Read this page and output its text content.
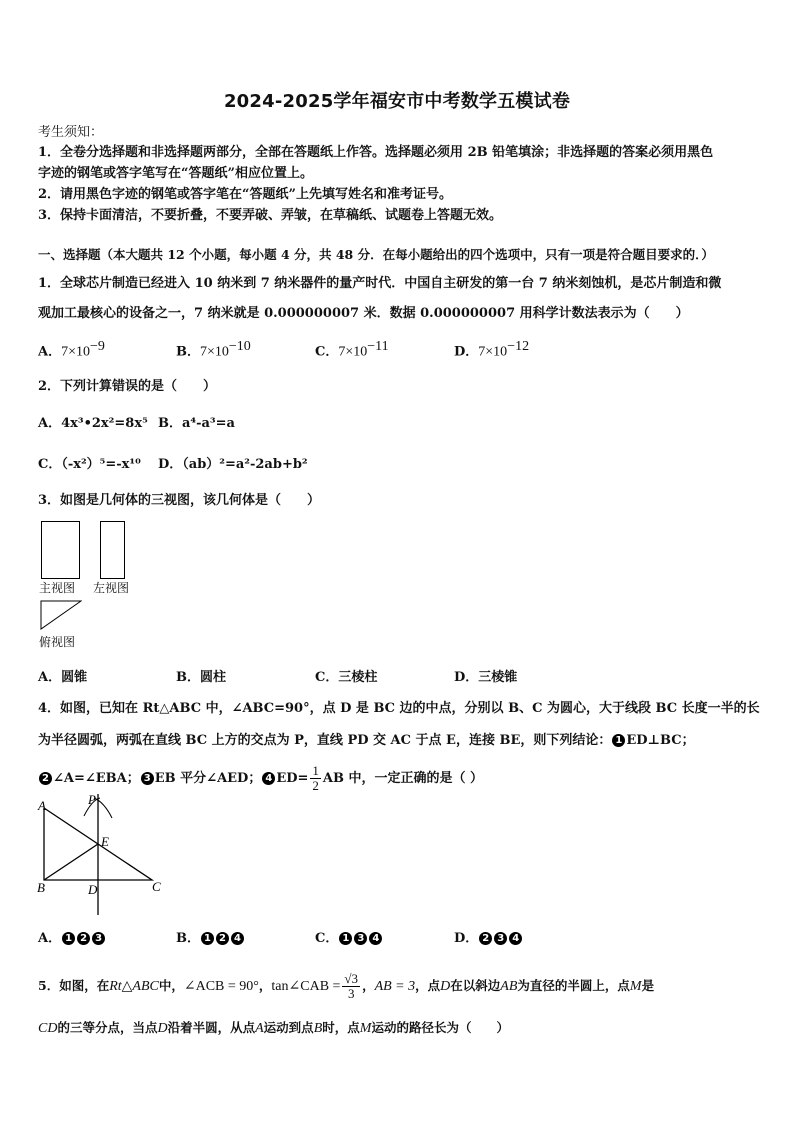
2024-2025学年福安市中考数学五模试卷
考生须知：
1．全卷分选择题和非选择题两部分，全部在答题纸上作答。选择题必须用 2B 铅笔填涂；非选择题的答案必须用黑色
字迹的钢笔或答字笔写在“答题纸”相应位置上。
2．请用黑色字迹的钢笔或答字笔在“答题纸”上先填写姓名和准考证号。
3．保持卡面清洁，不要折叠，不要弄破、弄皱，在草稿纸、试题卷上答题无效。
一、选择题（本大题共 12 个小题，每小题 4 分，共 48 分．在每小题给出的四个选项中，只有一项是符合题目要求的．）
1．全球芯片制造已经进入 10 纳米到 7 纳米器件的量产时代．中国自主研发的第一台 7 纳米刻蚀机，是芯片制造和微
观加工最核心的设备之一，7 纳米就是 0.000000007 米．数据 0.000000007 用科学计数法表示为（　　）
A．$7\times 10^{-9}$	B．$7\times 10^{-10}$	C．$7\times 10^{-11}$	D．$7\times 10^{-12}$
2．下列计算错误的是（　　）
A．4x³•2x²=8x⁵ B．a⁴-a³=a
C．（-x²）⁵=-x¹⁰ D．（ab）²=a²-2ab+b²
3．如图是几何体的三视图，该几何体是（　　）
主视图 左视图
俯视图
A．圆锥	B．圆柱	C．三棱柱	D．三棱锥
4．如图，已知在 Rt△ABC 中，∠ABC=90°，点 D 是 BC 边的中点，分别以 B、C 为圆心，大于线段 BC 长度一半的长
为半径圆弧，两弧在直线 BC 上方的交点为 P，直线 PD 交 AC 于点 E，连接 BE，则下列结论： 1 ED⊥BC；
2 ∠A=∠EBA； 3 EB 平分∠AED； 4 $ED= \frac{1}{2}$ AB 中，一定正确的是（ ）
A	P
E
B	D	C
A． 1 2 3	B． 1 2 4	C． 1 3 4	D． 2 3 4
5．如图，在Rt△ABC中，∠ACB = 90°，tan∠CAB = $\frac{√3}{3}$ ，AB = 3，点D在以斜边AB为直径的半圆上，点M是
CD的三等分点，当点D沿着半圆，从点A运动到点B时，点M运动的路径长为（　　）
